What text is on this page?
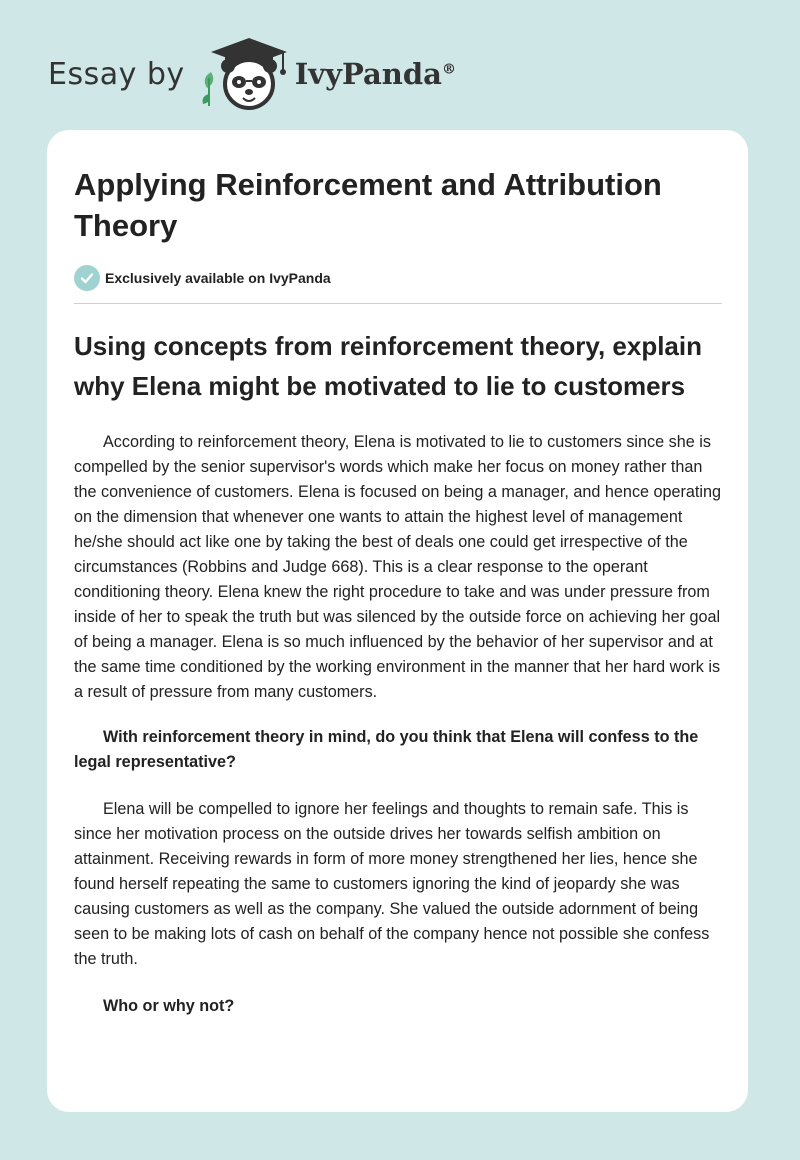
Essay by	IvyPanda®
Applying Reinforcement and Attribution Theory
Exclusively available on IvyPanda
Using concepts from reinforcement theory, explain why Elena might be motivated to lie to customers

According to reinforcement theory, Elena is motivated to lie to customers since she is compelled by the senior supervisor's words which make her focus on money rather than the convenience of customers. Elena is focused on being a manager, and hence operating on the dimension that whenever one wants to attain the highest level of management he/she should act like one by taking the best of deals one could get irrespective of the circumstances (Robbins and Judge 668). This is a clear response to the operant conditioning theory. Elena knew the right procedure to take and was under pressure from inside of her to speak the truth but was silenced by the outside force on achieving her goal of being a manager. Elena is so much influenced by the behavior of her supervisor and at the same time conditioned by the working environment in the manner that her hard work is a result of pressure from many customers.

With reinforcement theory in mind, do you think that Elena will confess to the legal representative?

Elena will be compelled to ignore her feelings and thoughts to remain safe. This is since her motivation process on the outside drives her towards selfish ambition on attainment. Receiving rewards in form of more money strengthened her lies, hence she found herself repeating the same to customers ignoring the kind of jeopardy she was causing customers as well as the company. She valued the outside adornment of being seen to be making lots of cash on behalf of the company hence not possible she confess the truth.

Who or why not?
